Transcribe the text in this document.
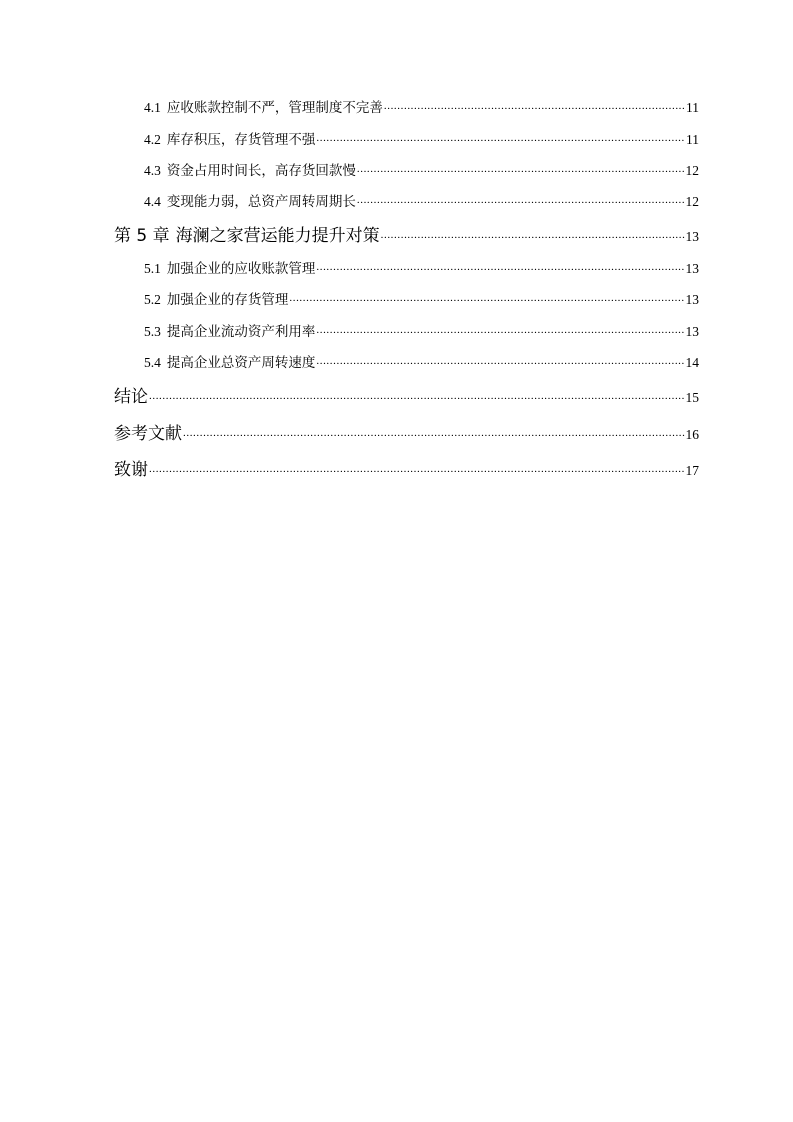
4.1 应收账款控制不严，管理制度不完善 .....	11
4.2 库存积压，存货管理不强 .....	11
4.3 资金占用时间长，高存货回款慢 .....	12
4.4 变现能力弱，总资产周转周期长 .....	12
第 5 章 海澜之家营运能力提升对策 .....	13
5.1 加强企业的应收账款管理 .....	13
5.2 加强企业的存货管理 .....	13
5.3 提高企业流动资产利用率 .....	13
5.4 提高企业总资产周转速度 .....	14
结论 .....	15
参考文献 .....	16
致谢 .....	17
